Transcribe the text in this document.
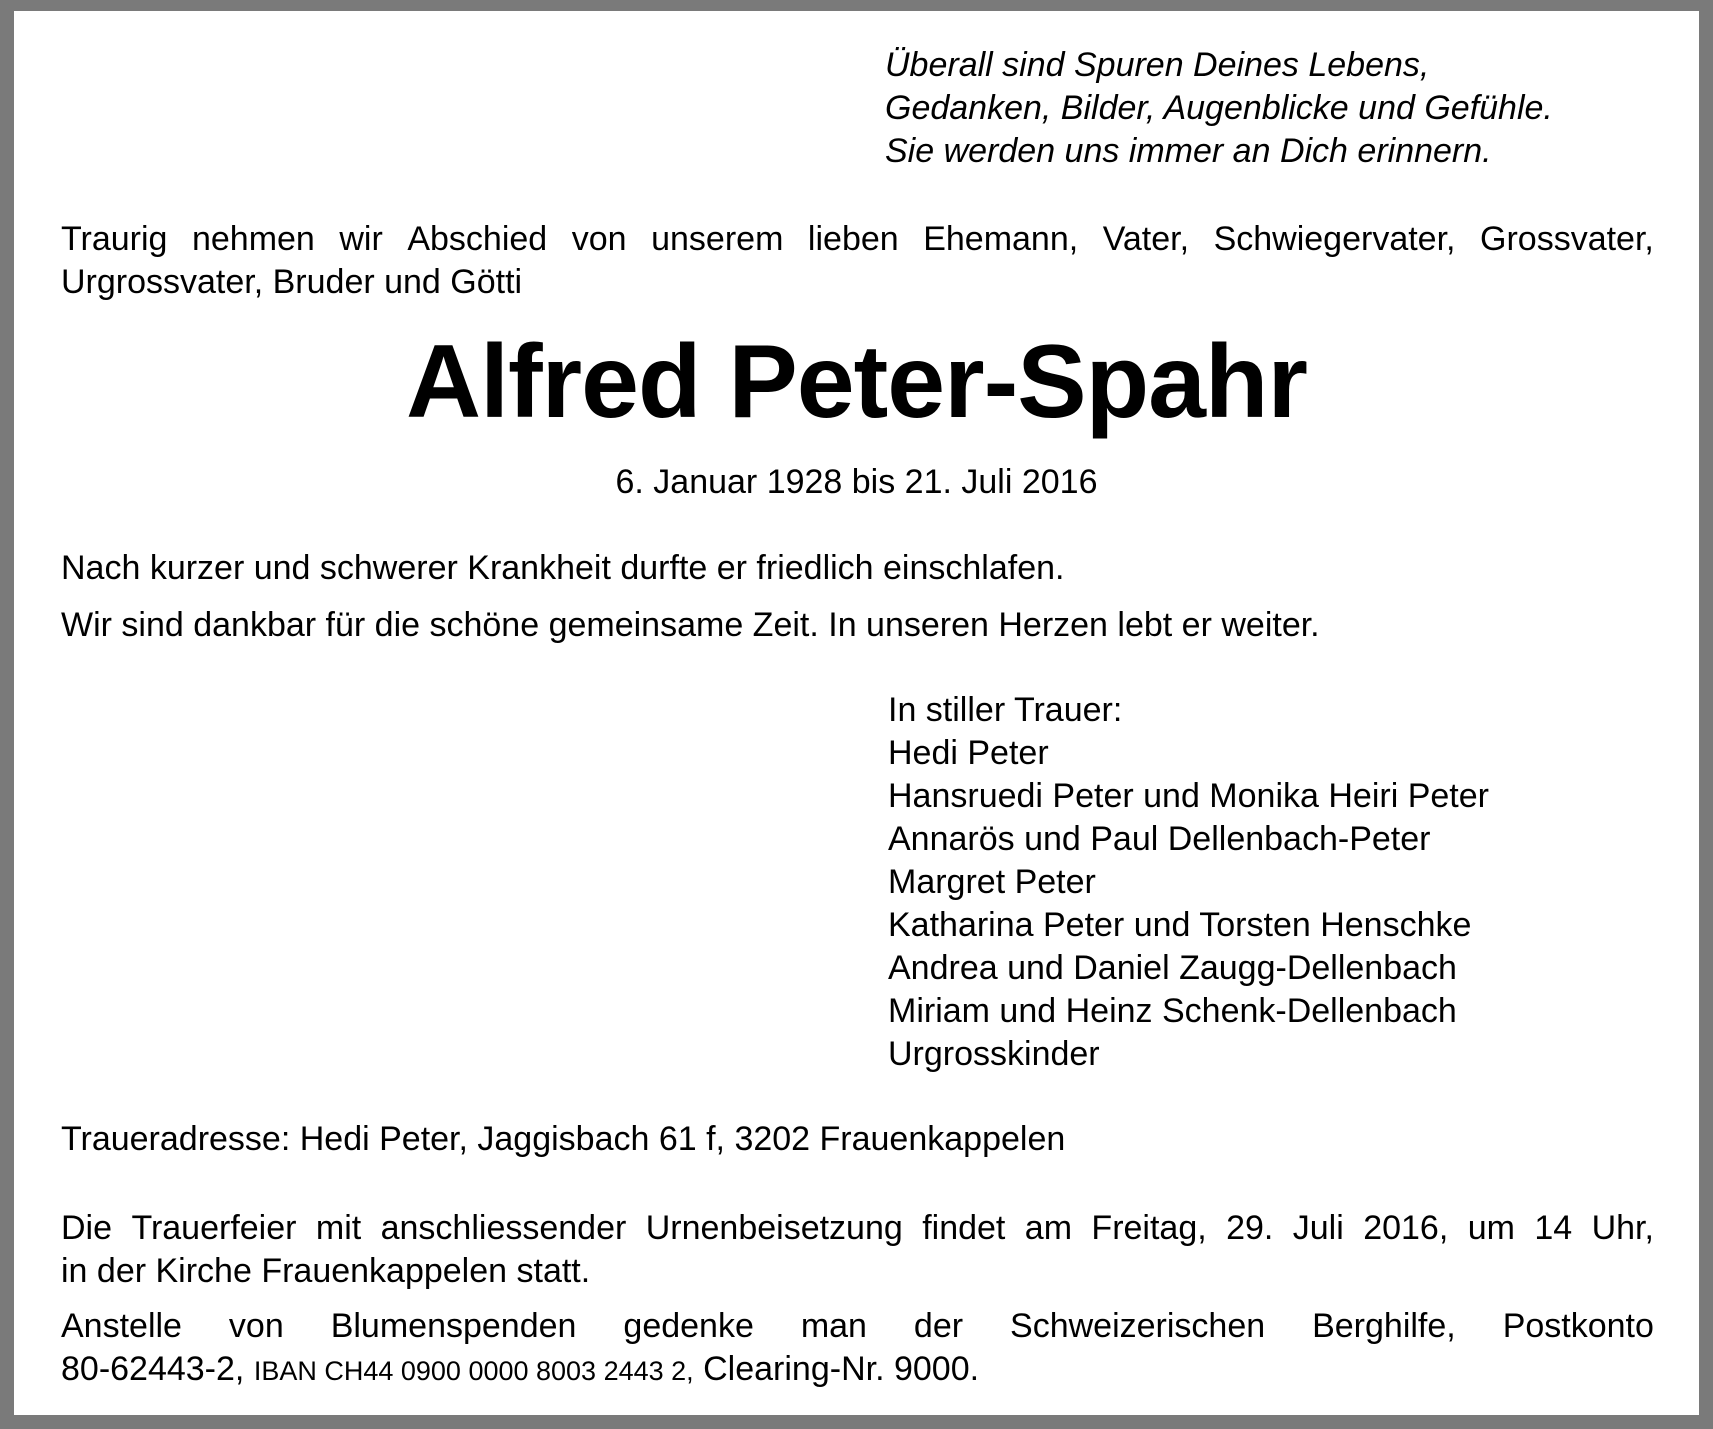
Überall sind Spuren Deines Lebens,
Gedanken, Bilder, Augenblicke und Gefühle.
Sie werden uns immer an Dich erinnern.
Traurig nehmen wir Abschied von unserem lieben Ehemann, Vater, Schwiegervater, Grossvater,
Urgrossvater, Bruder und Götti
Alfred Peter-Spahr
6. Januar 1928 bis 21. Juli 2016
Nach kurzer und schwerer Krankheit durfte er friedlich einschlafen.
Wir sind dankbar für die schöne gemeinsame Zeit. In unseren Herzen lebt er weiter.
In stiller Trauer:
Hedi Peter
Hansruedi Peter und Monika Heiri Peter
Annarös und Paul Dellenbach-Peter
Margret Peter
Katharina Peter und Torsten Henschke
Andrea und Daniel Zaugg-Dellenbach
Miriam und Heinz Schenk-Dellenbach
Urgrosskinder
Traueradresse: Hedi Peter, Jaggisbach 61 f, 3202 Frauenkappelen
Die Trauerfeier mit anschliessender Urnenbeisetzung findet am Freitag, 29. Juli 2016, um 14 Uhr,
in der Kirche Frauenkappelen statt.
Anstelle von Blumenspenden gedenke man der Schweizerischen Berghilfe, Postkonto
80-62443-2, IBAN CH44 0900 0000 8003 2443 2, Clearing-Nr. 9000.
